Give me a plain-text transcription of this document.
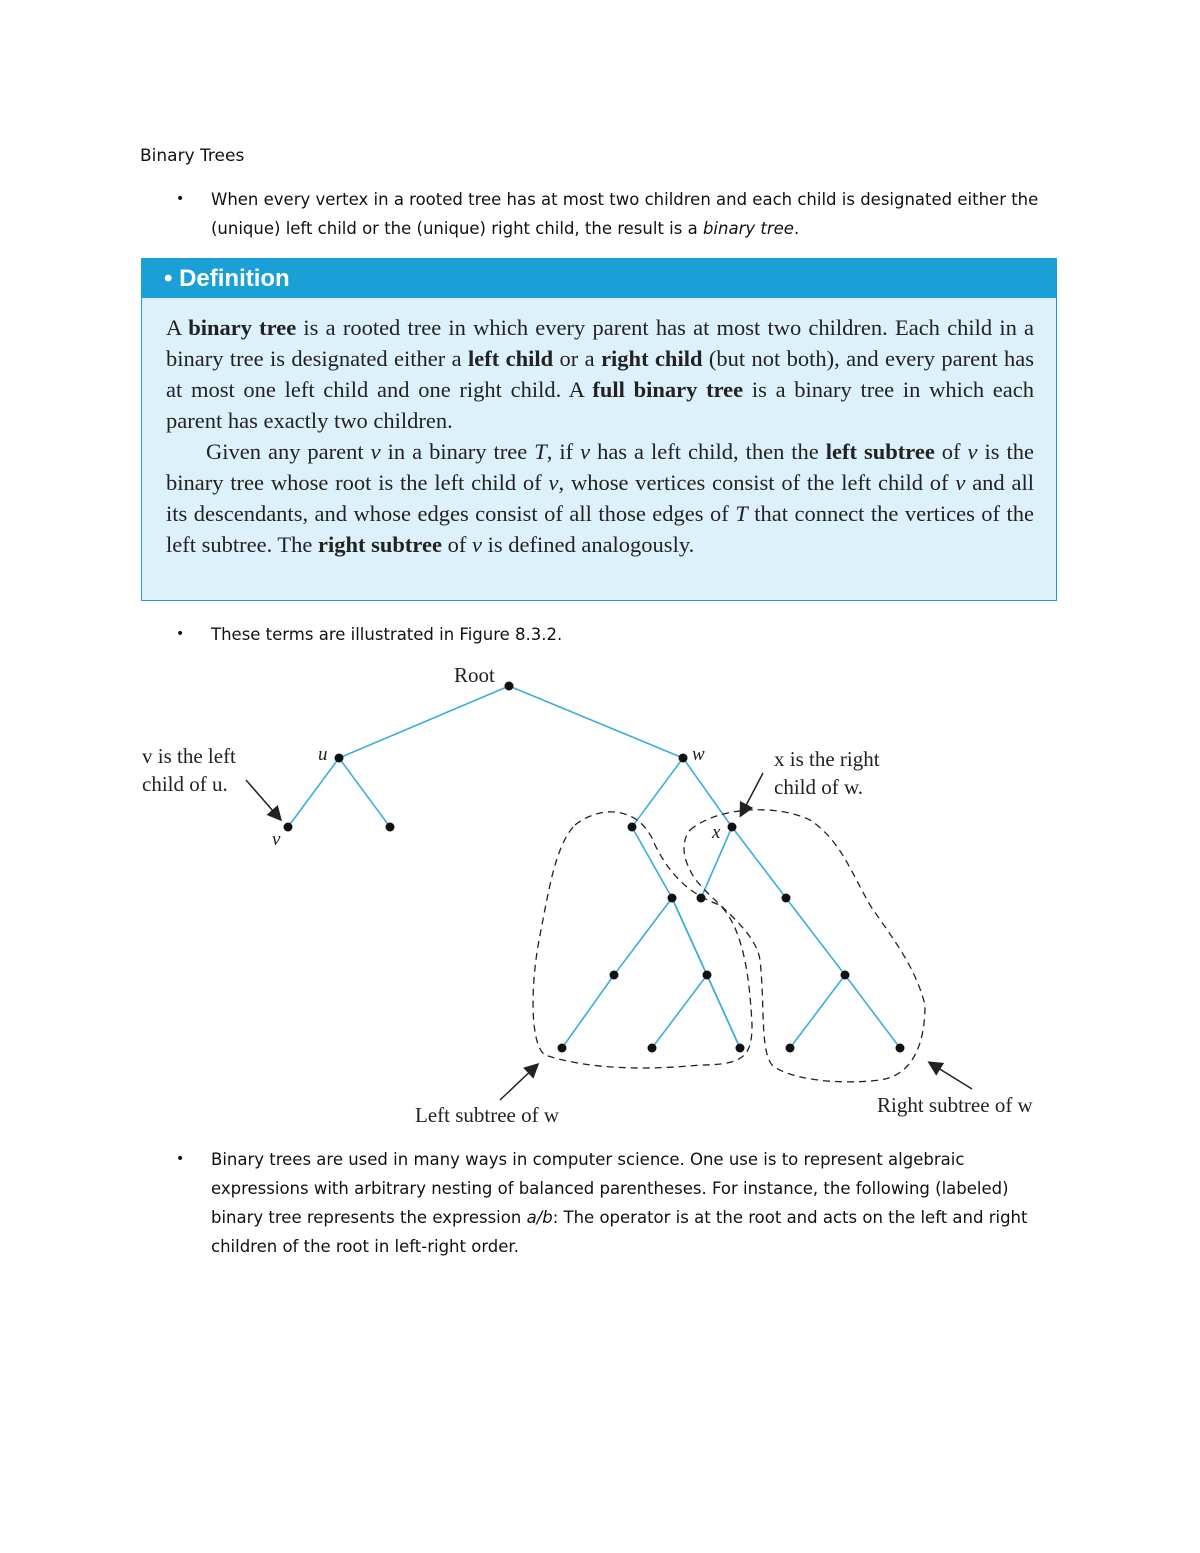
Binary Trees
•	When every vertex in a rooted tree has at most two children and each child is designated either the (unique) left child or the (unique) right child, the result is a binary tree.
• Definition

A binary tree is a rooted tree in which every parent has at most two children. Each child in a binary tree is designated either a left child or a right child (but not both), and every parent has at most one left child and one right child. A full binary tree is a binary tree in which each parent has exactly two children.

Given any parent v in a binary tree T, if v has a left child, then the left subtree of v is the binary tree whose root is the left child of v, whose vertices consist of the left child of v and all its descendants, and whose edges consist of all those edges of T that connect the vertices of the left subtree. The right subtree of v is defined analogously.

•	These terms are illustrated in Figure 8.3.2.
Root
u	w
v	x
v is the left
child of u.
x is the right
child of w.
Left subtree of w	Right subtree of w
•	Binary trees are used in many ways in computer science. One use is to represent algebraic expressions with arbitrary nesting of balanced parentheses. For instance, the following (labeled) binary tree represents the expression a/b: The operator is at the root and acts on the left and right children of the root in left-right order.
